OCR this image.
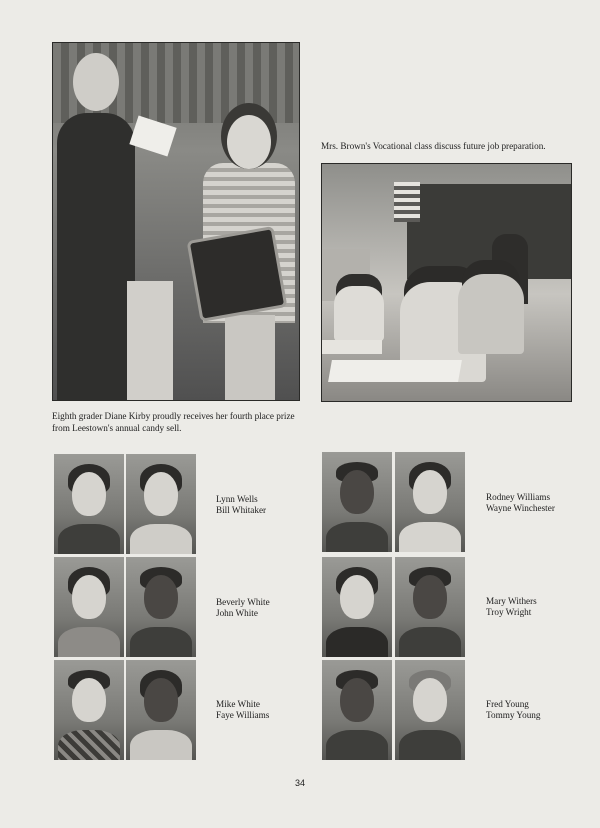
Mrs. Brown's Vocational class discuss future job preparation.
Eighth grader Diane Kirby proudly receives her fourth place prize from Leestown's annual candy sell.
Lynn Wells
Bill Whitaker
Beverly White
John White
Mike White
Faye Williams
Rodney Williams
Wayne Winchester
Mary Withers
Troy Wright
Fred Young
Tommy Young
34
